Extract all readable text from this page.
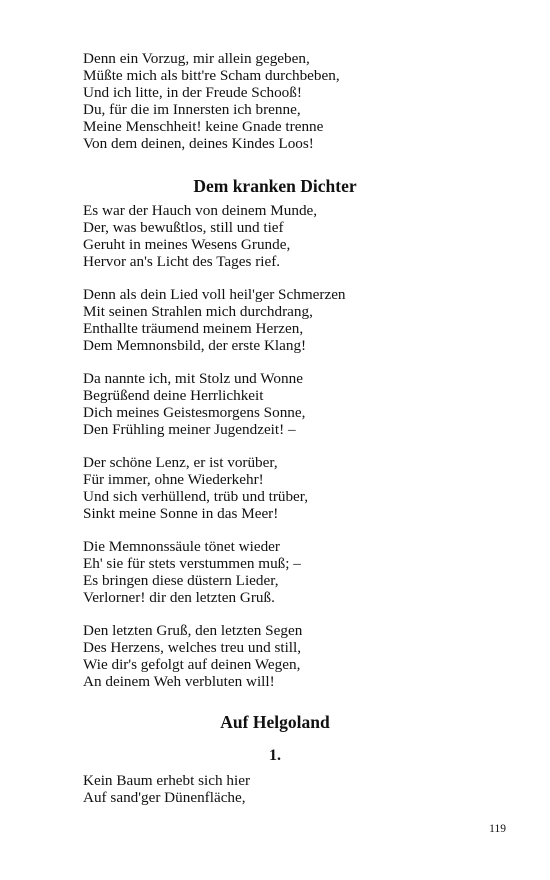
Denn ein Vorzug, mir allein gegeben,

Müßte mich als bitt're Scham durchbeben,

Und ich litte, in der Freude Schooß!

Du, für die im Innersten ich brenne,

Meine Menschheit! keine Gnade trenne

Von dem deinen, deines Kindes Loos!

Dem kranken Dichter

Es war der Hauch von deinem Munde,

Der, was bewußtlos, still und tief

Geruht in meines Wesens Grunde,

Hervor an's Licht des Tages rief.

Denn als dein Lied voll heil'ger Schmerzen

Mit seinen Strahlen mich durchdrang,

Enthallte träumend meinem Herzen,

Dem Memnonsbild, der erste Klang!

Da nannte ich, mit Stolz und Wonne

Begrüßend deine Herrlichkeit

Dich meines Geistesmorgens Sonne,

Den Frühling meiner Jugendzeit! –

Der schöne Lenz, er ist vorüber,

Für immer, ohne Wiederkehr!

Und sich verhüllend, trüb und trüber,

Sinkt meine Sonne in das Meer!

Die Memnonssäule tönet wieder

Eh' sie für stets verstummen muß; –

Es bringen diese düstern Lieder,

Verlorner! dir den letzten Gruß.

Den letzten Gruß, den letzten Segen

Des Herzens, welches treu und still,

Wie dir's gefolgt auf deinen Wegen,

An deinem Weh verbluten will!

Auf Helgoland
1.

Kein Baum erhebt sich hier

Auf sand'ger Dünenfläche,

119
